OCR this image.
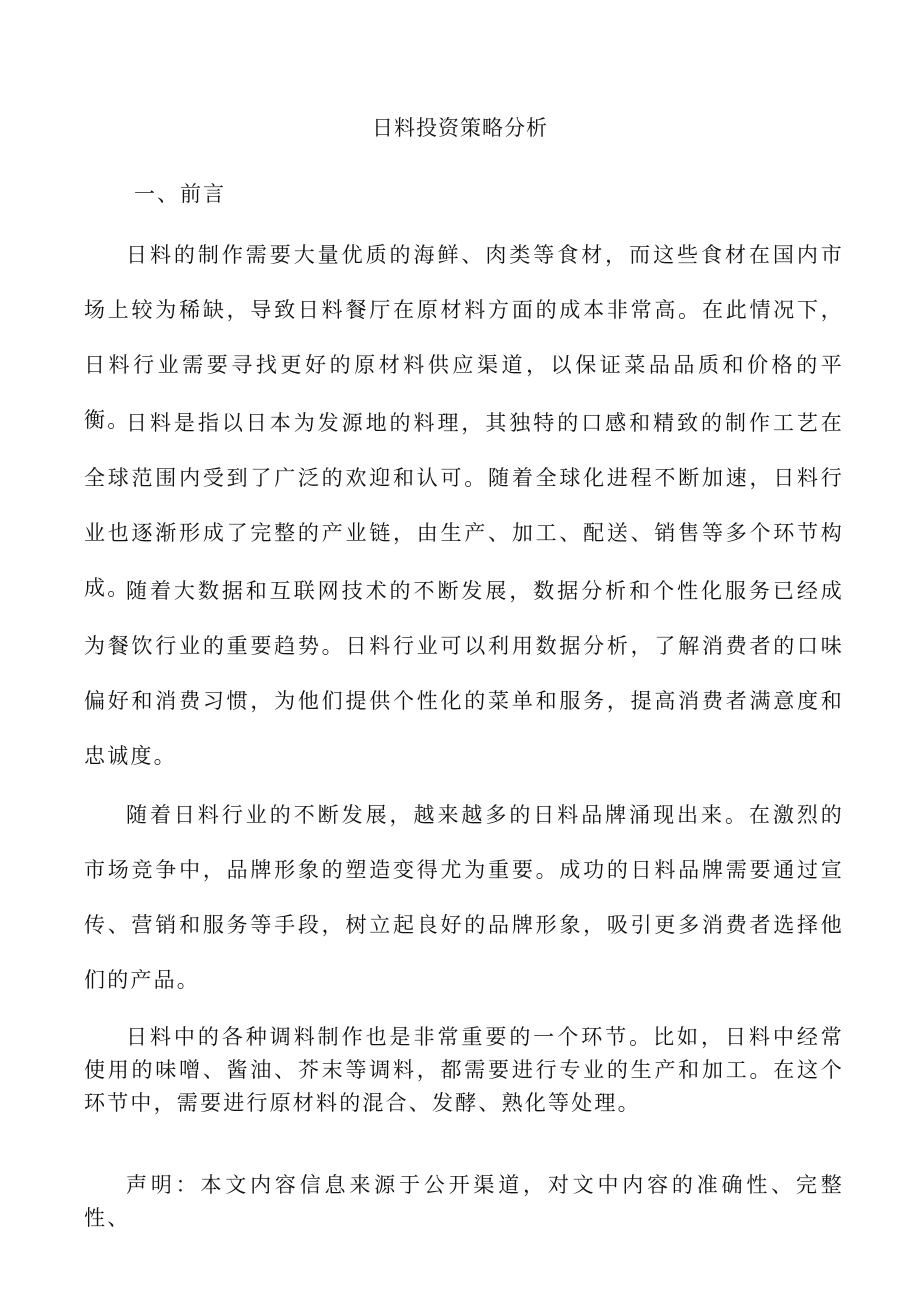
日料投资策略分析
一、前言

日料的制作需要大量优质的海鲜、肉类等食材，而这些食材在国内市场上较为稀缺，导致日料餐厅在原材料方面的成本非常高。在此情况下，日料行业需要寻找更好的原材料供应渠道，以保证菜品品质和价格的平衡。

日料是指以日本为发源地的料理，其独特的口感和精致的制作工艺在全球范围内受到了广泛的欢迎和认可。随着全球化进程不断加速，日料行业也逐渐形成了完整的产业链，由生产、加工、配送、销售等多个环节构成。

随着大数据和互联网技术的不断发展，数据分析和个性化服务已经成为餐饮行业的重要趋势。日料行业可以利用数据分析，了解消费者的口味偏好和消费习惯，为他们提供个性化的菜单和服务，提高消费者满意度和忠诚度。

随着日料行业的不断发展，越来越多的日料品牌涌现出来。在激烈的市场竞争中，品牌形象的塑造变得尤为重要。成功的日料品牌需要通过宣传、营销和服务等手段，树立起良好的品牌形象，吸引更多消费者选择他们的产品。

日料中的各种调料制作也是非常重要的一个环节。比如，日料中经常使用的味噌、酱油、芥末等调料，都需要进行专业的生产和加工。在这个环节中，需要进行原材料的混合、发酵、熟化等处理。

声明：本文内容信息来源于公开渠道，对文中内容的准确性、完整性、
